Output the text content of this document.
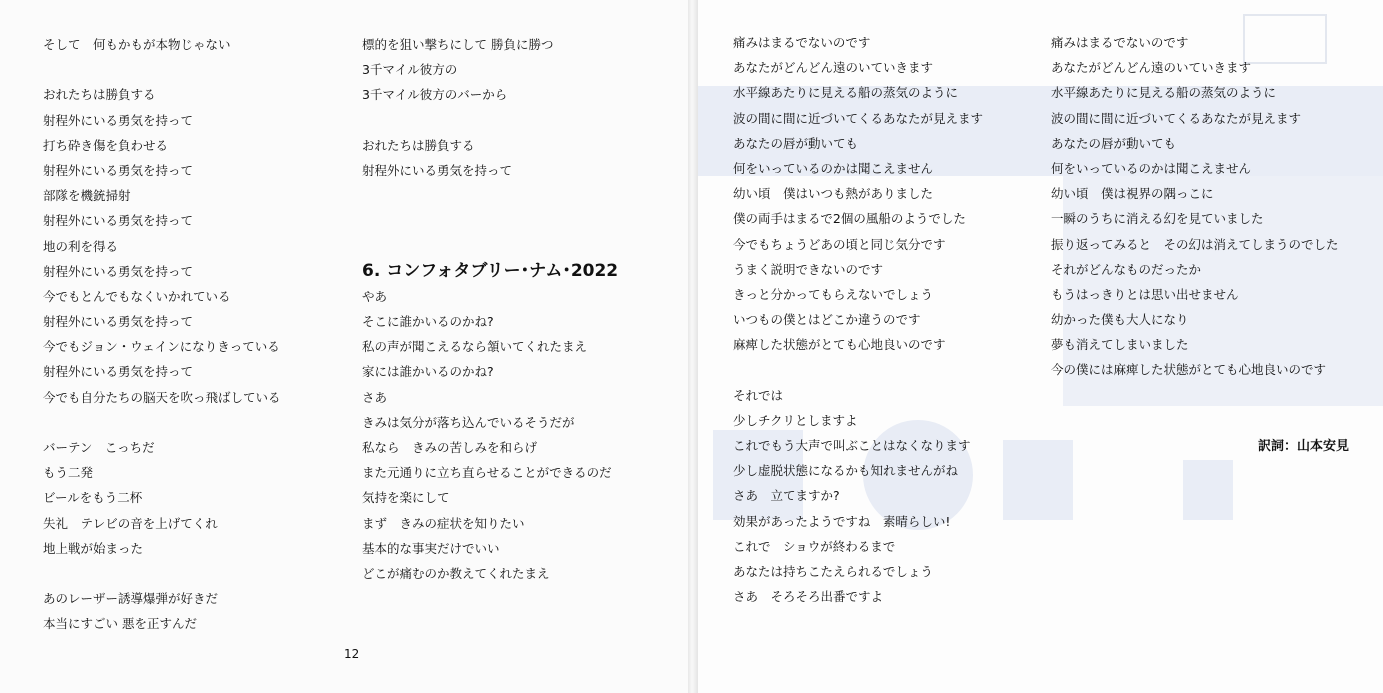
そして　何もかもが本物じゃない
おれたちは勝負する
射程外にいる勇気を持って
打ち砕き傷を負わせる
射程外にいる勇気を持って
部隊を機銃掃射
射程外にいる勇気を持って
地の利を得る
射程外にいる勇気を持って
今でもとんでもなくいかれている
射程外にいる勇気を持って
今でもジョン・ウェインになりきっている
射程外にいる勇気を持って
今でも自分たちの脳天を吹っ飛ばしている
バーテン　こっちだ
もう二発
ビールをもう二杯
失礼　テレビの音を上げてくれ
地上戦が始まった
あのレーザー誘導爆弾が好きだ
本当にすごい 悪を正すんだ
標的を狙い撃ちにして 勝負に勝つ
3千マイル彼方の
3千マイル彼方のバーから
おれたちは勝負する
射程外にいる勇気を持って
6. コンフォタブリー･ナム･2022
やあ
そこに誰かいるのかね?
私の声が聞こえるなら頷いてくれたまえ
家には誰かいるのかね?
さあ
きみは気分が落ち込んでいるそうだが
私なら　きみの苦しみを和らげ
また元通りに立ち直らせることができるのだ
気持を楽にして
まず　きみの症状を知りたい
基本的な事実だけでいい
どこが痛むのか教えてくれたまえ
12
痛みはまるでないのです
あなたがどんどん遠のいていきます
水平線あたりに見える船の蒸気のように
波の間に間に近づいてくるあなたが見えます
あなたの唇が動いても
何をいっているのかは聞こえません
幼い頃　僕はいつも熱がありました
僕の両手はまるで2個の風船のようでした
今でもちょうどあの頃と同じ気分です
うまく説明できないのです
きっと分かってもらえないでしょう
いつもの僕とはどこか違うのです
麻痺した状態がとても心地良いのです
それでは
少しチクリとしますよ
これでもう大声で叫ぶことはなくなります
少し虚脱状態になるかも知れませんがね
さあ　立てますか?
効果があったようですね　素晴らしい!
これで　ショウが終わるまで
あなたは持ちこたえられるでしょう
さあ　そろそろ出番ですよ
痛みはまるでないのです
あなたがどんどん遠のいていきます
水平線あたりに見える船の蒸気のように
波の間に間に近づいてくるあなたが見えます
あなたの唇が動いても
何をいっているのかは聞こえません
幼い頃　僕は視界の隅っこに
一瞬のうちに消える幻を見ていました
振り返ってみると　その幻は消えてしまうのでした
それがどんなものだったか
もうはっきりとは思い出せません
幼かった僕も大人になり
夢も消えてしまいました
今の僕には麻痺した状態がとても心地良いのです
訳詞：山本安見
